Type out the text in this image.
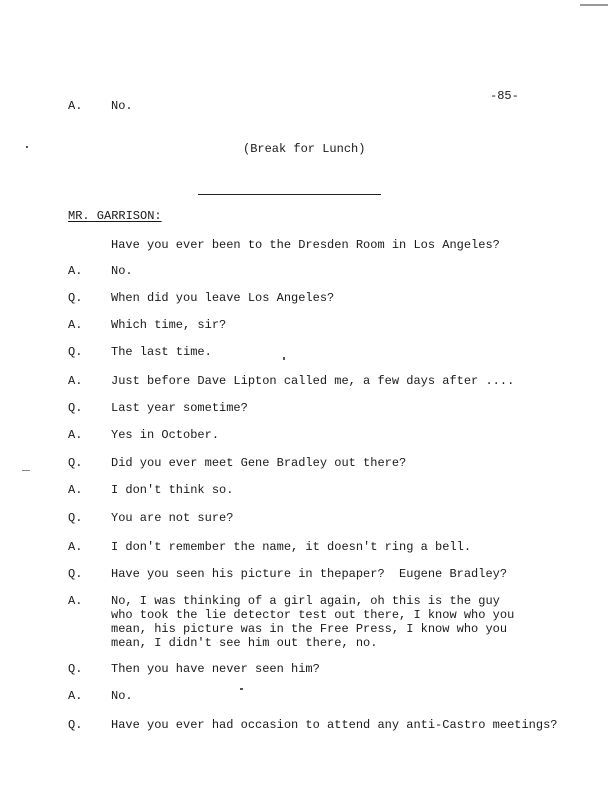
-85-
A. No.
(Break for Lunch)
MR. GARRISON:
Have you ever been to the Dresden Room in Los Angeles?
A. No.
Q. When did you leave Los Angeles?
A. Which time, sir?
Q. The last time.
A. Just before Dave Lipton called me, a few days after ....
Q. Last year sometime?
A. Yes in October.
Q. Did you ever meet Gene Bradley out there?
A. I don't think so.
Q. You are not sure?
A. I don't remember the name, it doesn't ring a bell.
Q. Have you seen his picture in thepaper?  Eugene Bradley?
A. No, I was thinking of a girl again, oh this is the guy
who took the lie detector test out there, I know who you
mean, his picture was in the Free Press, I know who you
mean, I didn't see him out there, no.
Q. Then you have never seen him?
A. No.
Q. Have you ever had occasion to attend any anti-Castro meetings?
